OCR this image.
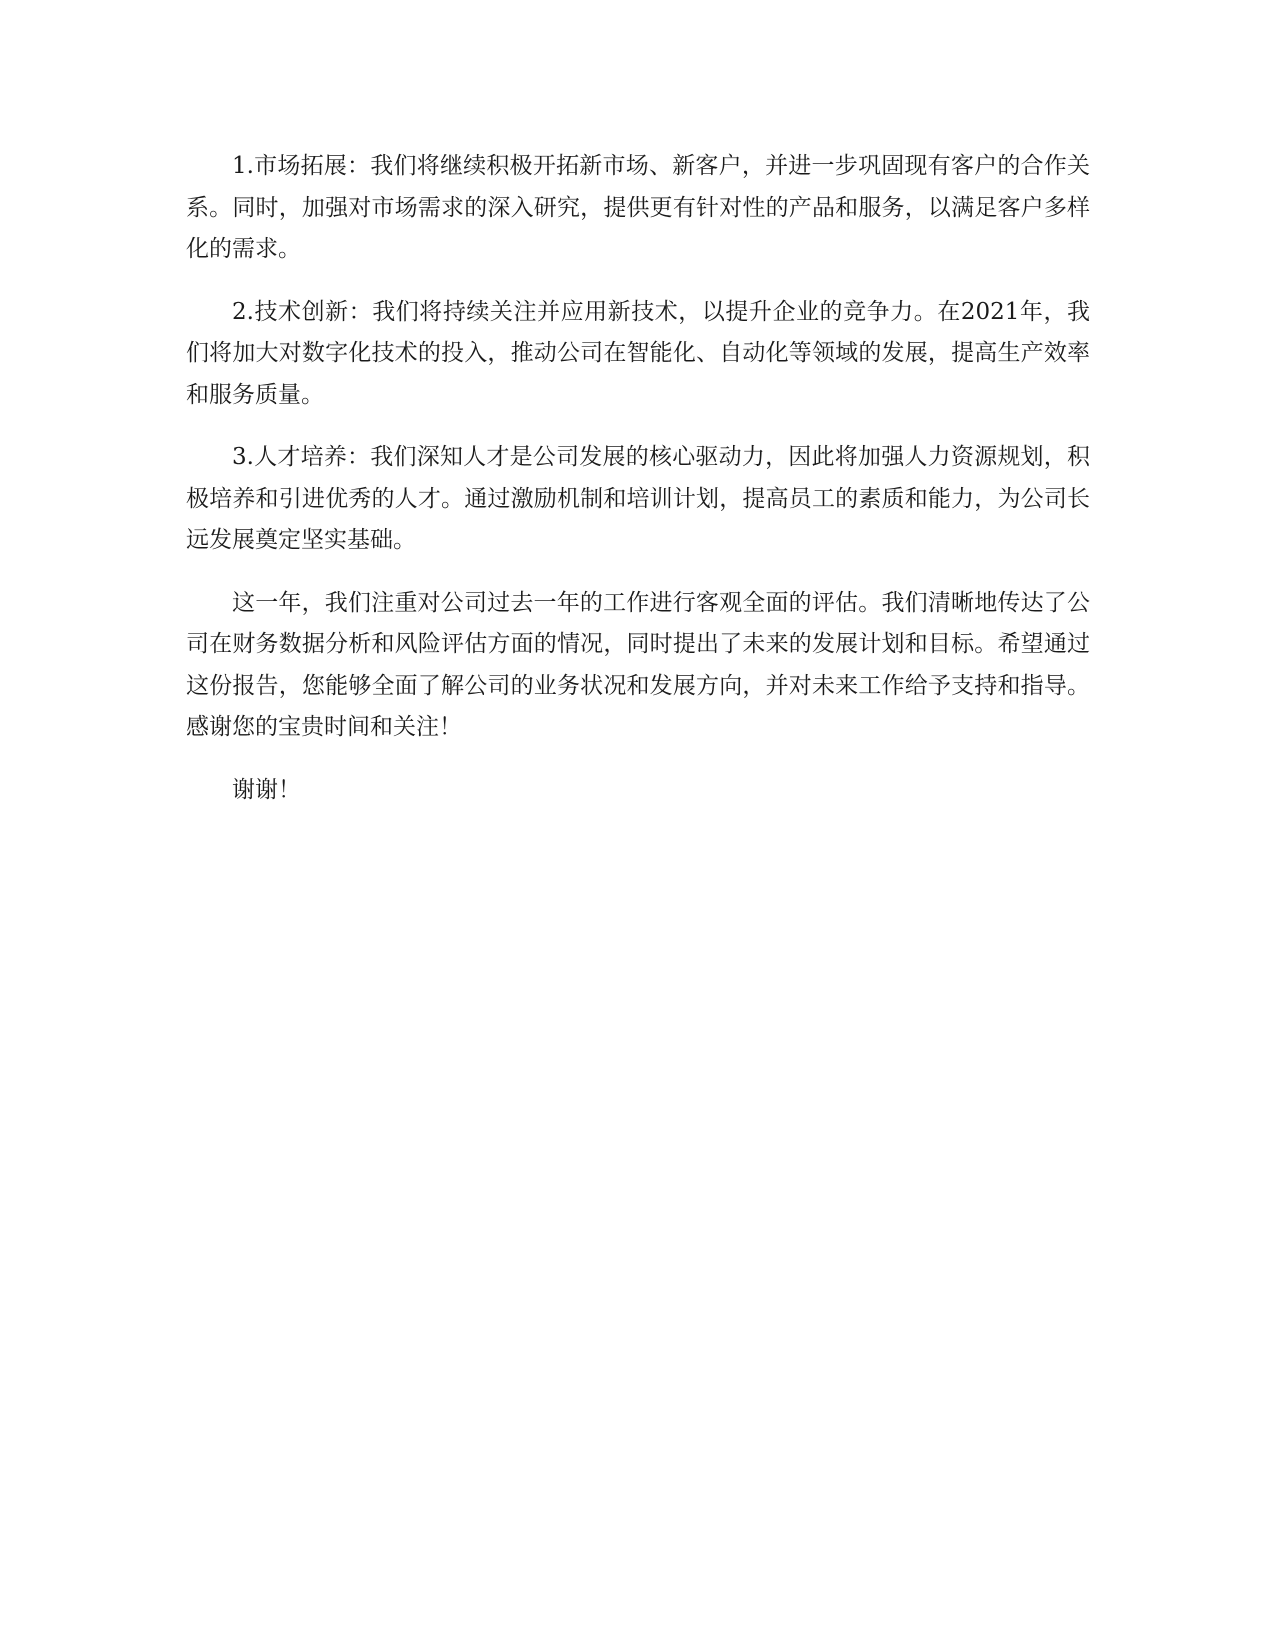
1.市场拓展：我们将继续积极开拓新市场、新客户，并进一步巩固现有客户的合作关系。同时，加强对市场需求的深入研究，提供更有针对性的产品和服务，以满足客户多样化的需求。

2.技术创新：我们将持续关注并应用新技术，以提升企业的竞争力。在2021年，我们将加大对数字化技术的投入，推动公司在智能化、自动化等领域的发展，提高生产效率和服务质量。

3.人才培养：我们深知人才是公司发展的核心驱动力，因此将加强人力资源规划，积极培养和引进优秀的人才。通过激励机制和培训计划，提高员工的素质和能力，为公司长远发展奠定坚实基础。

这一年，我们注重对公司过去一年的工作进行客观全面的评估。我们清晰地传达了公司在财务数据分析和风险评估方面的情况，同时提出了未来的发展计划和目标。希望通过这份报告，您能够全面了解公司的业务状况和发展方向，并对未来工作给予支持和指导。感谢您的宝贵时间和关注！

谢谢！
